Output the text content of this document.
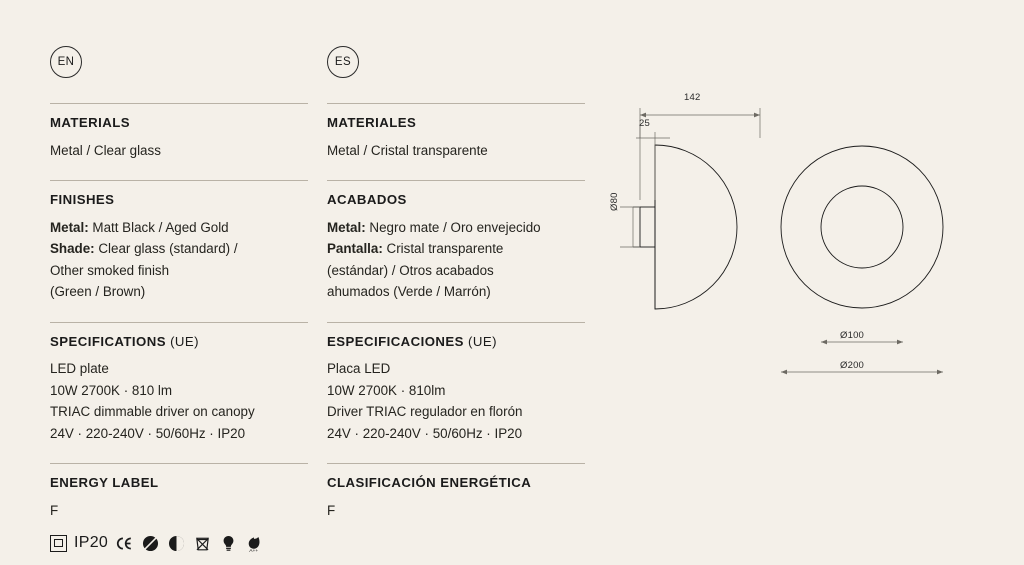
EN
MATERIALS

Metal / Clear glass

FINISHES

Metal: Matt Black / Aged Gold

Shade: Clear glass (standard) /

Other smoked finish

(Green / Brown)

SPECIFICATIONS (UE)

LED plate

10W 2700K · 810 lm

TRIAC dimmable driver on canopy

24V · 220-240V · 50/60Hz · IP20

ENERGY LABEL

F

IP20
A++
ES
MATERIALES

Metal / Cristal transparente

ACABADOS

Metal: Negro mate / Oro envejecido

Pantalla: Cristal transparente

(estándar) / Otros acabados

ahumados (Verde / Marrón)

ESPECIFICACIONES (UE)

Placa LED

10W 2700K · 810lm

Driver TRIAC regulador en florón

24V · 220-240V · 50/60Hz · IP20

CLASIFICACIÓN ENERGÉTICA

F

142
25
Ø80
Ø100
Ø200
